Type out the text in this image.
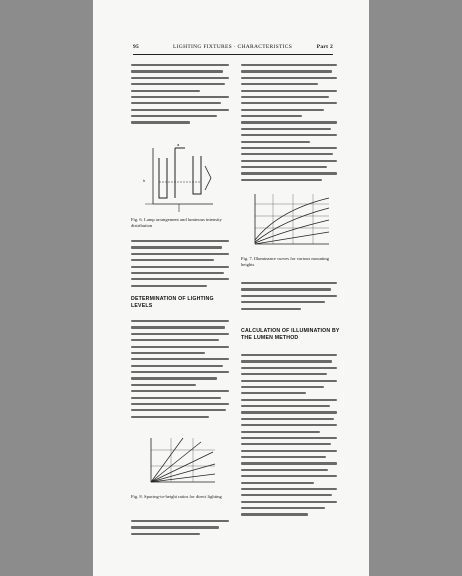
95	LIGHTING FIXTURES · CHARACTERISTICS	Part 2
a
h
Fig. 6. Lamp arrangement and luminous intensity distribution
DETERMINATION OF LIGHTING LEVELS
Fig. 8. Spacing-to-height ratios for direct lighting
Fig. 7. Illuminance curves for various mounting heights
CALCULATION OF ILLUMINATION BY THE LUMEN METHOD
